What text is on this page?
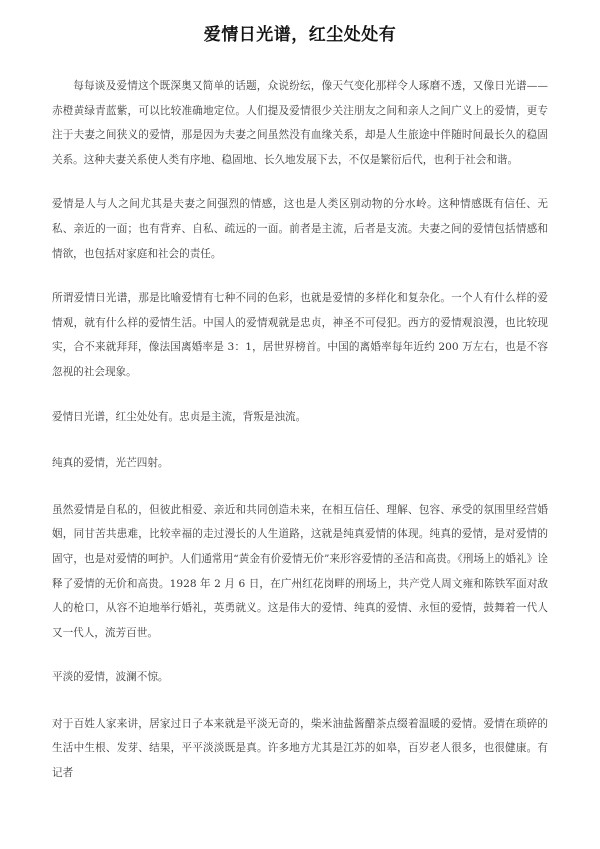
爱情日光谱，红尘处处有

每每谈及爱情这个既深奥又简单的话题，众说纷纭，像天气变化那样令人琢磨不透，又像日光谱——赤橙黄绿青蓝紫，可以比较准确地定位。人们提及爱情很少关注朋友之间和亲人之间广义上的爱情，更专注于夫妻之间狭义的爱情，那是因为夫妻之间虽然没有血缘关系，却是人生旅途中伴随时间最长久的稳固关系。这种夫妻关系使人类有序地、稳固地、长久地发展下去，不仅是繁衍后代，也利于社会和谐。

爱情是人与人之间尤其是夫妻之间强烈的情感，这也是人类区别动物的分水岭。这种情感既有信任、无私、亲近的一面；也有背弃、自私、疏远的一面。前者是主流，后者是支流。夫妻之间的爱情包括情感和情欲，也包括对家庭和社会的责任。

所谓爱情日光谱，那是比喻爱情有七种不同的色彩，也就是爱情的多样化和复杂化。一个人有什么样的爱情观，就有什么样的爱情生活。中国人的爱情观就是忠贞，神圣不可侵犯。西方的爱情观浪漫，也比较现实，合不来就拜拜，像法国离婚率是 3：1，居世界榜首。中国的离婚率每年近约 200 万左右，也是不容忽视的社会现象。

爱情日光谱，红尘处处有。忠贞是主流，背叛是浊流。

纯真的爱情，光芒四射。

虽然爱情是自私的，但彼此相爱、亲近和共同创造未来，在相互信任、理解、包容、承受的氛围里经营婚姻，同甘苦共患难，比较幸福的走过漫长的人生道路，这就是纯真爱情的体现。纯真的爱情，是对爱情的固守，也是对爱情的呵护。人们通常用“黄金有价爱情无价”来形容爱情的圣洁和高贵。《刑场上的婚礼》诠释了爱情的无价和高贵。1928 年 2 月 6 日，在广州红花岗畔的刑场上，共产党人周文雍和陈铁军面对敌人的枪口，从容不迫地举行婚礼，英勇就义。这是伟大的爱情、纯真的爱情、永恒的爱情，鼓舞着一代人又一代人，流芳百世。

平淡的爱情，波澜不惊。

对于百姓人家来讲，居家过日子本来就是平淡无奇的，柴米油盐酱醋茶点缀着温暖的爱情。爱情在琐碎的生活中生根、发芽、结果，平平淡淡既是真。许多地方尤其是江苏的如皋，百岁老人很多，也很健康。有记者
